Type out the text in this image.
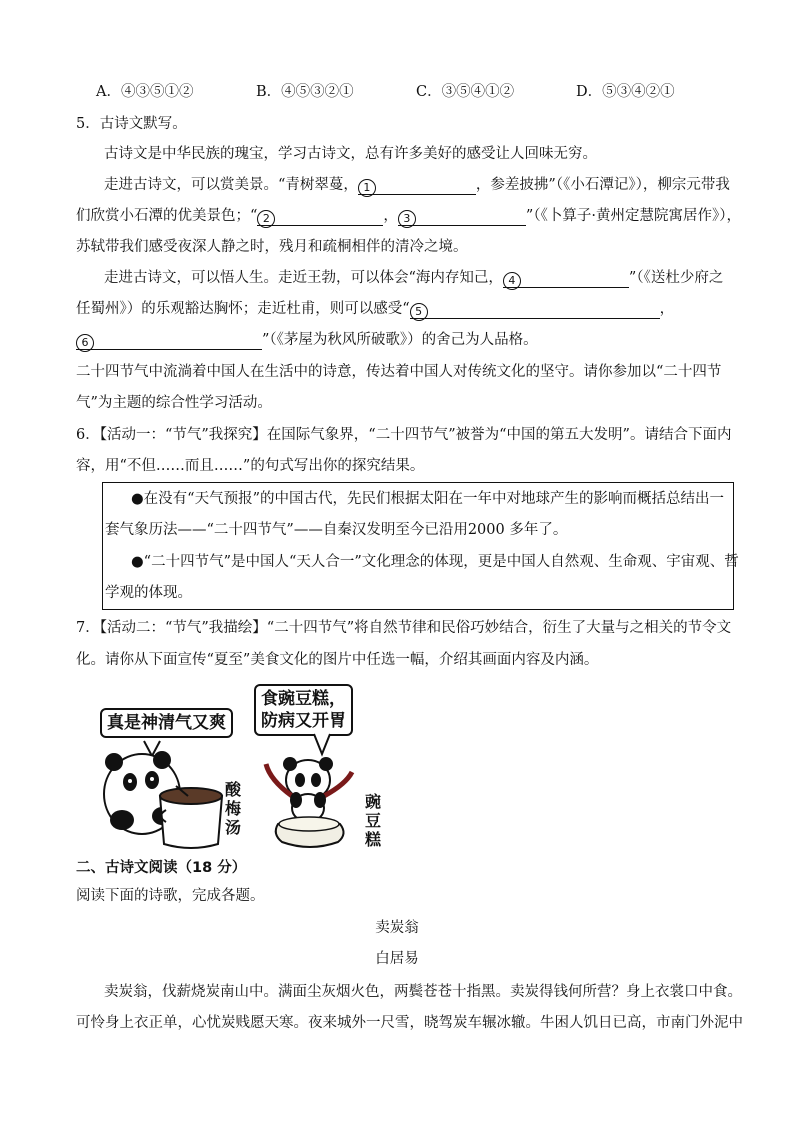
A．④③⑤①②	B．④⑤③②①	C．③⑤④①②	D．⑤③④②①
5．古诗文默写。
古诗文是中华民族的瑰宝，学习古诗文，总有许多美好的感受让人回味无穷。
走进古诗文，可以赏美景。“青树翠蔓， 1	，参差披拂”（《小石潭记》），柳宗元带我
们欣赏小石潭的优美景色；“ 2	， 3	”（《卜算子·黄州定慧院寓居作》），
苏轼带我们感受夜深人静之时，残月和疏桐相伴的清冷之境。
走进古诗文，可以悟人生。走近王勃，可以体会“海内存知己， 4	”（《送杜少府之
任蜀州》）的乐观豁达胸怀；走近杜甫，则可以感受“ 5	，
6	”（《茅屋为秋风所破歌》）的舍己为人品格。
二十四节气中流淌着中国人在生活中的诗意，传达着中国人对传统文化的坚守。请你参加以“二十四节
气”为主题的综合性学习活动。
6．【活动一：“节气”我探究】在国际气象界，“二十四节气”被誉为“中国的第五大发明”。请结合下面内
容，用“不但……而且……”的句式写出你的探究结果。
●在没有“天气预报”的中国古代，先民们根据太阳在一年中对地球产生的影响而概括总结出一
套气象历法——“二十四节气”——自秦汉发明至今已沿用2000 多年了。
●“二十四节气”是中国人“天人合一”文化理念的体现，更是中国人自然观、生命观、宇宙观、哲
学观的体现。
7．【活动二：“节气”我描绘】“二十四节气”将自然节律和民俗巧妙结合，衍生了大量与之相关的节令文
化。请你从下面宣传“夏至”美食文化的图片中任选一幅，介绍其画面内容及内涵。
真是神清气又爽
食豌豆糕，
防病又开胃
酸
梅
汤
豌
豆
糕
二、古诗文阅读（18 分）
阅读下面的诗歌，完成各题。
卖炭翁
白居易
卖炭翁，伐薪烧炭南山中。满面尘灰烟火色，两鬓苍苍十指黑。卖炭得钱何所营？身上衣裳口中食。
可怜身上衣正单，心忧炭贱愿天寒。夜来城外一尺雪，晓驾炭车辗冰辙。牛困人饥日已高，市南门外泥中
